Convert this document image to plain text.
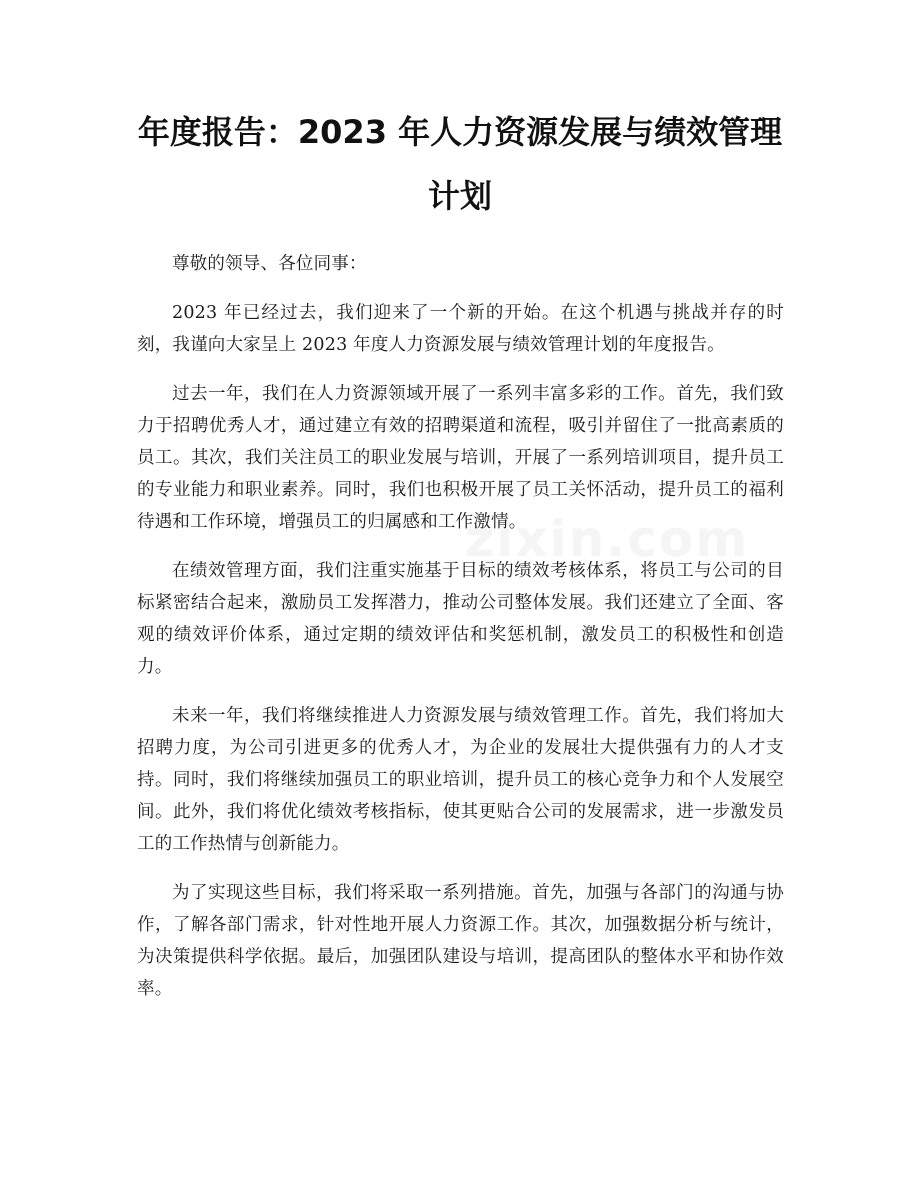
年度报告：2023 年人力资源发展与绩效管理
计划
zixin.com

尊敬的领导、各位同事：

2023 年已经过去，我们迎来了一个新的开始。在这个机遇与挑战并存的时刻，我谨向大家呈上 2023 年度人力资源发展与绩效管理计划的年度报告。

过去一年，我们在人力资源领域开展了一系列丰富多彩的工作。首先，我们致力于招聘优秀人才，通过建立有效的招聘渠道和流程，吸引并留住了一批高素质的员工。其次，我们关注员工的职业发展与培训，开展了一系列培训项目，提升员工的专业能力和职业素养。同时，我们也积极开展了员工关怀活动，提升员工的福利待遇和工作环境，增强员工的归属感和工作激情。

在绩效管理方面，我们注重实施基于目标的绩效考核体系，将员工与公司的目标紧密结合起来，激励员工发挥潜力，推动公司整体发展。我们还建立了全面、客观的绩效评价体系，通过定期的绩效评估和奖惩机制，激发员工的积极性和创造力。

未来一年，我们将继续推进人力资源发展与绩效管理工作。首先，我们将加大招聘力度，为公司引进更多的优秀人才，为企业的发展壮大提供强有力的人才支持。同时，我们将继续加强员工的职业培训，提升员工的核心竞争力和个人发展空间。此外，我们将优化绩效考核指标，使其更贴合公司的发展需求，进一步激发员工的工作热情与创新能力。

为了实现这些目标，我们将采取一系列措施。首先，加强与各部门的沟通与协作，了解各部门需求，针对性地开展人力资源工作。其次，加强数据分析与统计，为决策提供科学依据。最后，加强团队建设与培训，提高团队的整体水平和协作效率。
